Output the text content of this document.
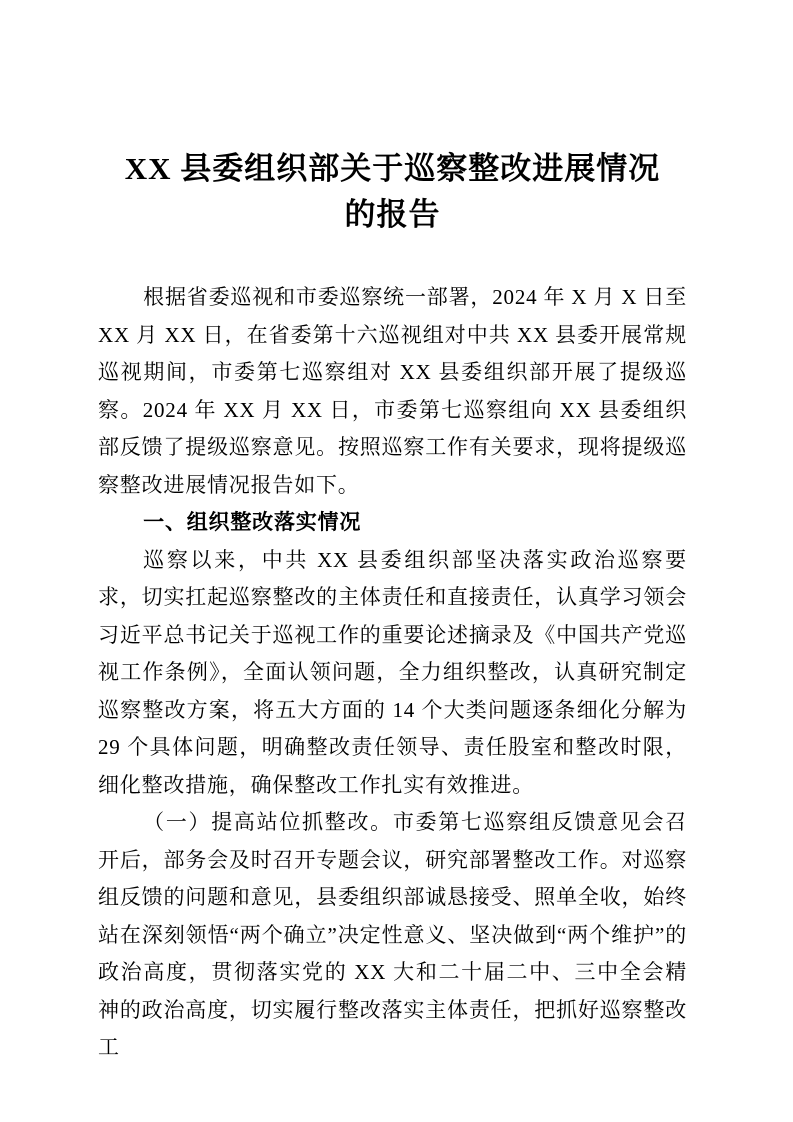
XX 县委组织部关于巡察整改进展情况
的报告

根据省委巡视和市委巡察统一部署，2024 年 X 月 X 日至 XX 月 XX 日，在省委第十六巡视组对中共 XX 县委开展常规巡视期间，市委第七巡察组对 XX 县委组织部开展了提级巡察。2024 年 XX 月 XX 日，市委第七巡察组向 XX 县委组织部反馈了提级巡察意见。按照巡察工作有关要求，现将提级巡察整改进展情况报告如下。

一、组织整改落实情况

巡察以来，中共 XX 县委组织部坚决落实政治巡察要求，切实扛起巡察整改的主体责任和直接责任，认真学习领会习近平总书记关于巡视工作的重要论述摘录及《中国共产党巡视工作条例》，全面认领问题，全力组织整改，认真研究制定巡察整改方案，将五大方面的 14 个大类问题逐条细化分解为 29 个具体问题，明确整改责任领导、责任股室和整改时限，细化整改措施，确保整改工作扎实有效推进。

（一）提高站位抓整改。市委第七巡察组反馈意见会召开后，部务会及时召开专题会议，研究部署整改工作。对巡察组反馈的问题和意见，县委组织部诚恳接受、照单全收，始终站在深刻领悟“两个确立”决定性意义、坚决做到“两个维护”的政治高度，贯彻落实党的 XX 大和二十届二中、三中全会精神的政治高度，切实履行整改落实主体责任，把抓好巡察整改工
